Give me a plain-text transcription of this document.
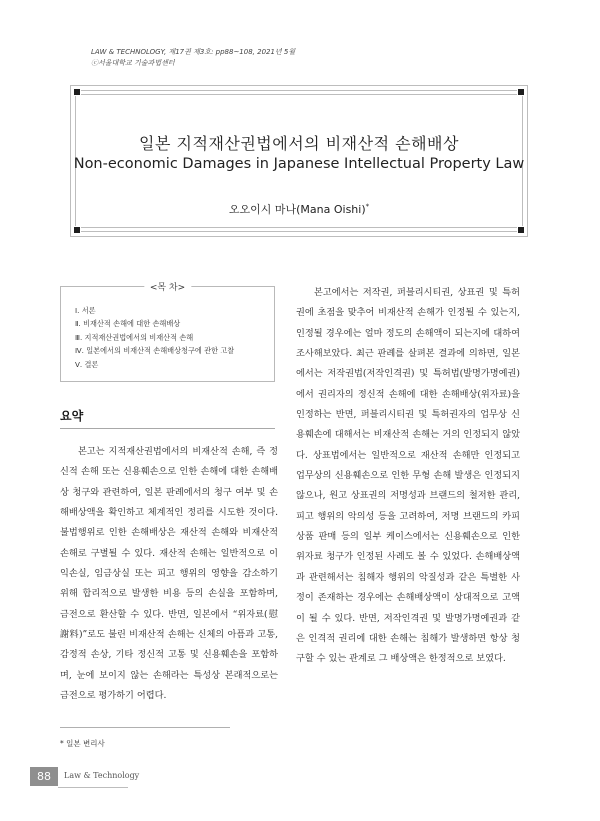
LAW & TECHNOLOGY, 제17권 제3호: pp88~108, 2021년 5월
ⓒ서울대학교 기술과법센터
일본 지적재산권법에서의 비재산적 손해배상
Non-economic Damages in Japanese Intellectual Property Law
오오이시 마나(Mana Oishi)*
<목 차>
Ⅰ. 서론
Ⅱ. 비재산적 손해에 대한 손해배상
Ⅲ. 지적재산권법에서의 비재산적 손해
Ⅳ. 일본에서의 비재산적 손해배상청구에 관한 고찰
Ⅴ. 결론
요약
본고는 지적재산권법에서의 비재산적 손해, 즉 정신적 손해 또는 신용훼손으로 인한 손해에 대한 손해배상 청구와 관련하여, 일본 판례에서의 청구 여부 및 손해배상액을 확인하고 체계적인 정리를 시도한 것이다. 불법행위로 인한 손해배상은 재산적 손해와 비재산적 손해로 구별될 수 있다. 재산적 손해는 일반적으로 이익손실, 임금상실 또는 피고 행위의 영향을 감소하기 위해 합리적으로 발생한 비용 등의 손실을 포함하며, 금전으로 환산할 수 있다. 반면, 일본에서 “위자료(慰謝料)”로도 불린 비재산적 손해는 신체의 아픔과 고통, 감정적 손상, 기타 정신적 고통 및 신용훼손을 포함하며, 눈에 보이지 않는 손해라는 특성상 본래적으로는 금전으로 평가하기 어렵다.
본고에서는 저작권, 퍼블리시티권, 상표권 및 특허권에 초점을 맞추어 비재산적 손해가 인정될 수 있는지, 인정될 경우에는 얼마 정도의 손해액이 되는지에 대하여 조사해보았다. 최근 판례를 살펴본 결과에 의하면, 일본에서는 저작권법(저작인격권) 및 특허법(발명가명예권)에서 권리자의 정신적 손해에 대한 손해배상(위자료)을 인정하는 반면, 퍼블리시티권 및 특허권자의 업무상 신용훼손에 대해서는 비재산적 손해는 거의 인정되지 않았다. 상표법에서는 일반적으로 재산적 손해만 인정되고 업무상의 신용훼손으로 인한 무형 손해 발생은 인정되지 않으나, 원고 상표권의 저명성과 브랜드의 철저한 관리, 피고 행위의 악의성 등을 고려하여, 저명 브랜드의 카피상품 판매 등의 일부 케이스에서는 신용훼손으로 인한 위자료 청구가 인정된 사례도 볼 수 있었다. 손해배상액과 관련해서는 침해자 행위의 악질성과 같은 특별한 사정이 존재하는 경우에는 손해배상액이 상대적으로 고액이 될 수 있다. 반면, 저작인격권 및 발명가명예권과 같은 인격적 권리에 대한 손해는 침해가 발생하면 항상 청구할 수 있는 관계로 그 배상액은 한정적으로 보였다.
* 일본 변리사
88	Law & Technology
